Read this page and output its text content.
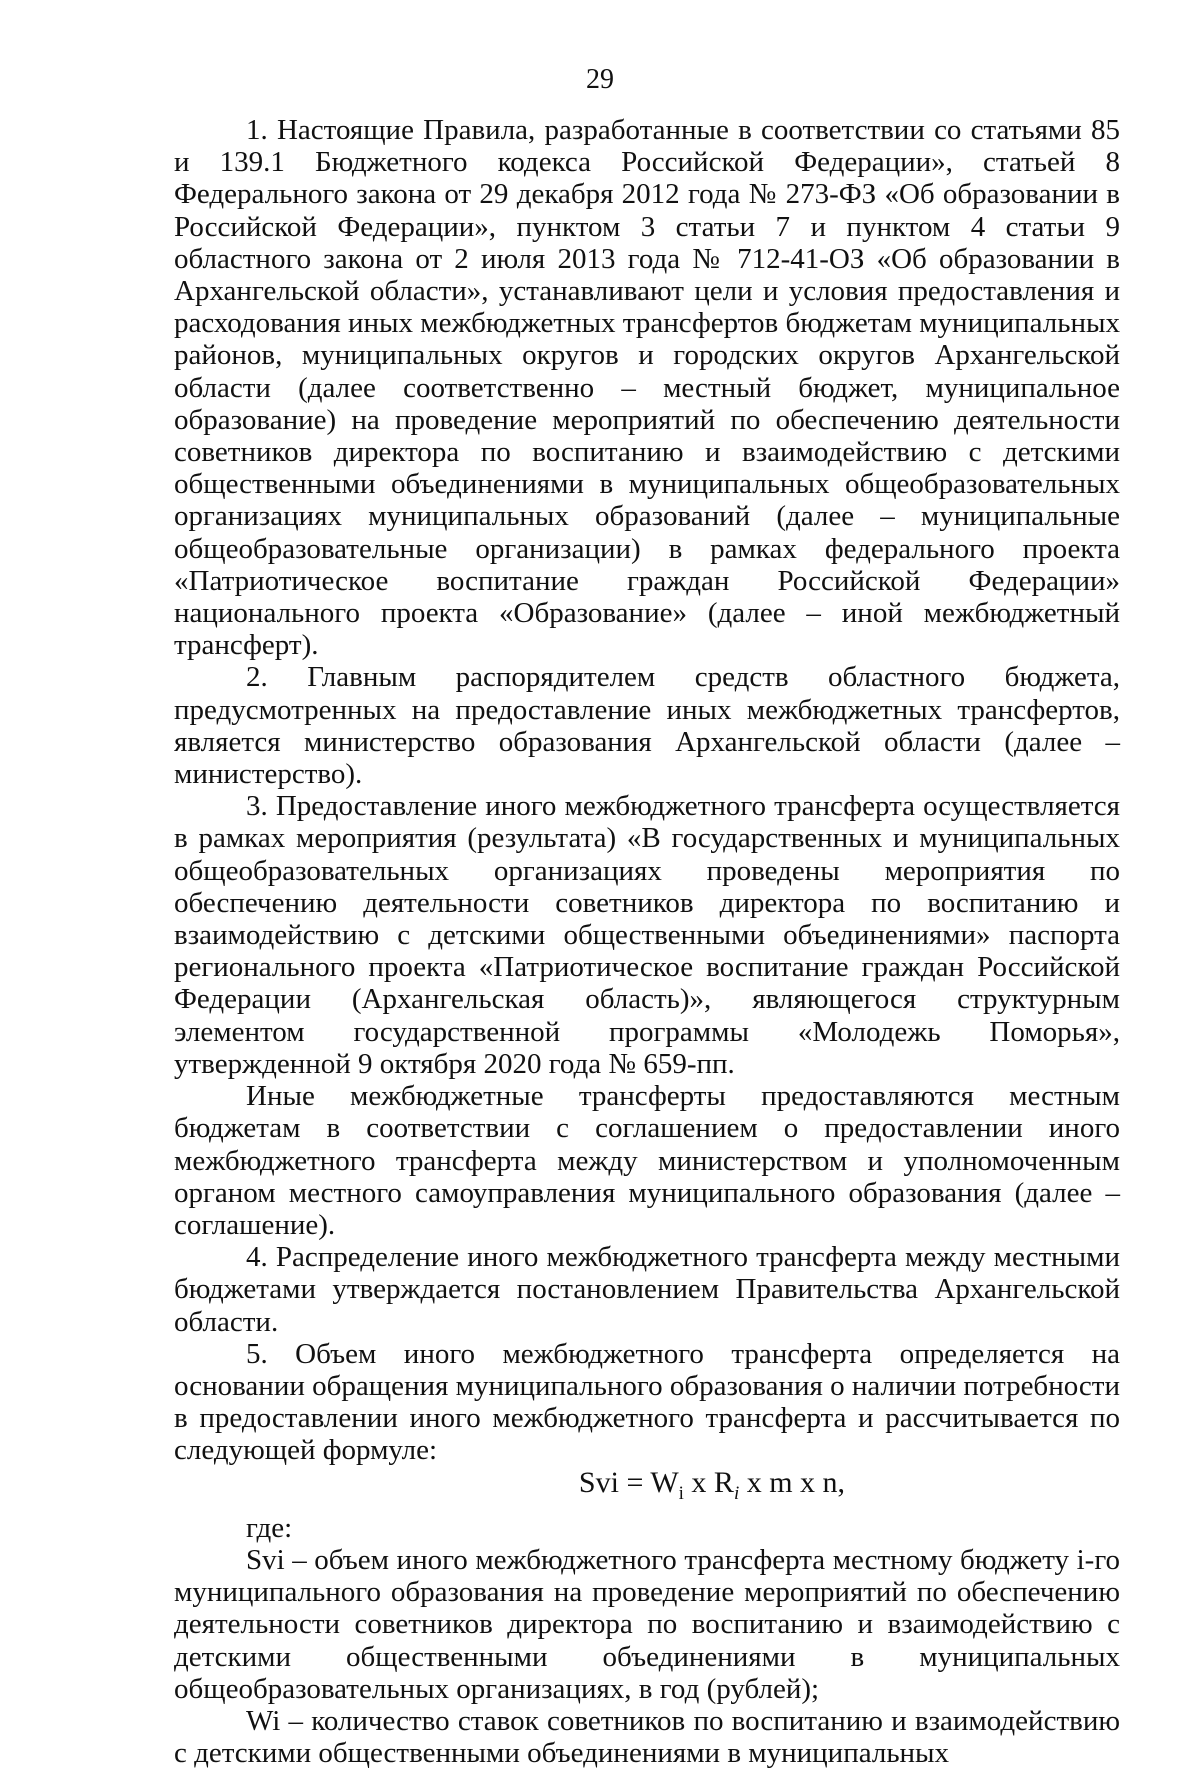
29

1. Настоящие Правила, разработанные в соответствии со статьями 85 и 139.1 Бюджетного кодекса Российской Федерации», статьей 8 Федерального закона от 29 декабря 2012 года № 273-ФЗ «Об образовании в Российской Федерации», пунктом 3 статьи 7 и пунктом 4 статьи 9 областного закона от 2 июля 2013 года № 712-41-ОЗ «Об образовании в Архангельской области», устанавливают цели и условия предоставления и расходования иных межбюджетных трансфертов бюджетам муниципальных районов, муниципальных округов и городских округов Архангельской области (далее соответственно – местный бюджет, муниципальное образование) на проведение мероприятий по обеспечению деятельности советников директора по воспитанию и взаимодействию с детскими общественными объединениями в муниципальных общеобразовательных организациях муниципальных образований (далее – муниципальные общеобразовательные организации) в рамках федерального проекта «Патриотическое воспитание граждан Российской Федерации» национального проекта «Образование» (далее – иной межбюджетный трансферт).

2. Главным распорядителем средств областного бюджета, предусмотренных на предоставление иных межбюджетных трансфертов, является министерство образования Архангельской области (далее – министерство).

3. Предоставление иного межбюджетного трансферта осуществляется в рамках мероприятия (результата) «В государственных и муниципальных общеобразовательных организациях проведены мероприятия по обеспечению деятельности советников директора по воспитанию и взаимодействию с детскими общественными объединениями» паспорта регионального проекта «Патриотическое воспитание граждан Российской Федерации (Архангельская область)», являющегося структурным элементом государственной программы «Молодежь Поморья», утвержденной 9 октября 2020 года № 659-пп.

Иные межбюджетные трансферты предоставляются местным бюджетам в соответствии с соглашением о предоставлении иного межбюджетного трансферта между министерством и уполномоченным органом местного самоуправления муниципального образования (далее – соглашение).

4. Распределение иного межбюджетного трансферта между местными бюджетами утверждается постановлением Правительства Архангельской области.

5. Объем иного межбюджетного трансферта определяется на основании обращения муниципального образования о наличии потребности в предоставлении иного межбюджетного трансферта и рассчитывается по следующей формуле:

Svi = $W_i$ x $R_i$ x m x n,

где:

Svi – объем иного межбюджетного трансферта местному бюджету i-го муниципального образования на проведение мероприятий по обеспечению деятельности советников директора по воспитанию и взаимодействию с детскими общественными объединениями в муниципальных общеобразовательных организациях, в год (рублей);

Wi – количество ставок советников по воспитанию и взаимодействию с детскими общественными объединениями в муниципальных
